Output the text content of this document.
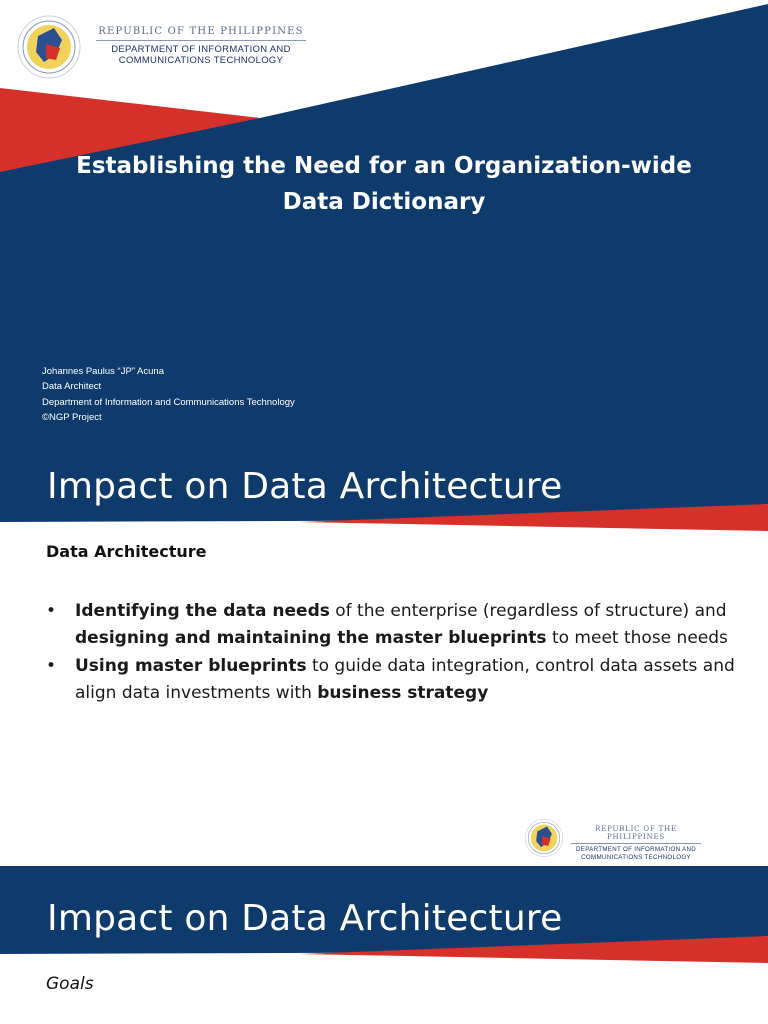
REPUBLIC OF THE PHILIPPINES
DEPARTMENT OF INFORMATION AND
COMMUNICATIONS TECHNOLOGY
Establishing the Need for an Organization-wide
Data Dictionary
Johannes Paulus “JP” Acuna
Data Architect
Department of Information and Communications Technology
©NGP Project
Impact on Data Architecture
Data Architecture
• Identifying the data needs of the enterprise (regardless of structure) and designing and maintaining the master blueprints to meet those needs
• Using master blueprints to guide data integration, control data assets and align data investments with business strategy
REPUBLIC OF THE PHILIPPINES
DEPARTMENT OF INFORMATION AND
COMMUNICATIONS TECHNOLOGY
Impact on Data Architecture
Goals
